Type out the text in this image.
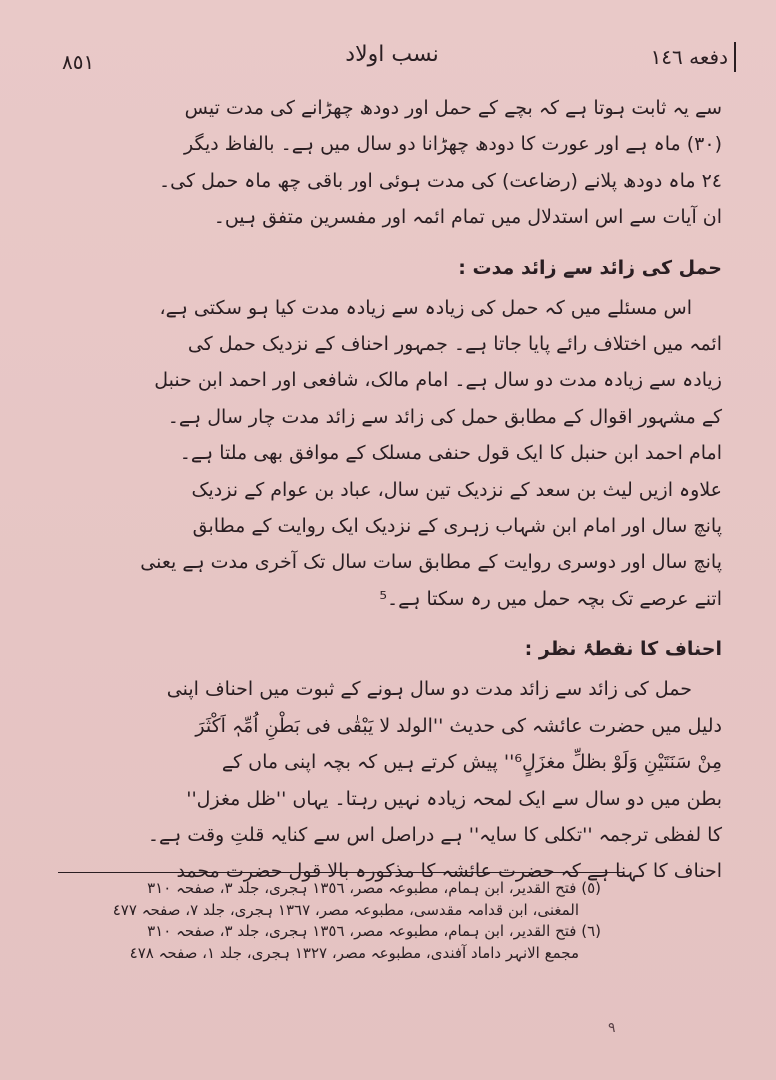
٨٥١	نسب اولاد	دفعه ١٤٦

سے یہ ثابت ہوتا ہے کہ بچے کے حمل اور دودھ چھڑانے کی مدت تیس

(٣٠) ماہ ہے اور عورت کا دودھ چھڑانا دو سال میں ہے۔ بالفاظ دیگر

٢٤ ماہ دودھ پلانے (رضاعت) کی مدت ہوئی اور باقی چھ ماہ حمل کی۔

ان آیات سے اس استدلال میں تمام ائمہ اور مفسرین متفق ہیں۔

حمل کی زائد سے زائد مدت :

اس مسئلے میں کہ حمل کی زیادہ سے زیادہ مدت کیا ہو سکتی ہے،

ائمہ میں اختلاف رائے پایا جاتا ہے۔ جمہور احناف کے نزدیک حمل کی

زیادہ سے زیادہ مدت دو سال ہے۔ امام مالک، شافعی اور احمد ابن حنبل

کے مشہور اقوال کے مطابق حمل کی زائد سے زائد مدت چار سال ہے۔

امام احمد ابن حنبل کا ایک قول حنفی مسلک کے موافق بھی ملتا ہے۔

علاوہ ازیں لیث بن سعد کے نزدیک تین سال، عباد بن عوام کے نزدیک

پانچ سال اور امام ابن شہاب زہری کے نزدیک ایک روایت کے مطابق

پانچ سال اور دوسری روایت کے مطابق سات سال تک آخری مدت ہے یعنی

اتنے عرصے تک بچہ حمل میں رہ سکتا ہے۔⁵

احناف کا نقطۂ نظر :

حمل کی زائد سے زائد مدت دو سال ہونے کے ثبوت میں احناف اپنی

دلیل میں حضرت عائشہ کی حدیث ''الولد لا یَبْقٰی فی بَطْنِ اُمِّہٖ اَکْثَرَ

مِنْ سَنَتَیْنِ وَلَوْ بظلِّ مغزَلٍ⁶'' پیش کرتے ہیں کہ بچہ اپنی ماں کے

بطن میں دو سال سے ایک لمحہ زیادہ نہیں رہتا۔ یہاں ''ظل مغزل''

کا لفظی ترجمہ ''تکلی کا سایہ'' ہے دراصل اس سے کنایہ قلتِ وقت ہے۔

احناف کا کہنا ہے کہ حضرت عائشہ کا مذکورہ بالا قول حضرت محمد

(٥) فتح القدیر، ابن ہمام، مطبوعہ مصر، ١٣٥٦ ہجری، جلد ٣، صفحہ ٣١٠

المغنی، ابن قدامہ مقدسی، مطبوعہ مصر، ١٣٦٧ ہجری، جلد ٧، صفحہ ٤٧٧

(٦) فتح القدیر، ابن ہمام، مطبوعہ مصر، ١٣٥٦ ہجری، جلد ٣، صفحہ ٣١٠

مجمع الانہر داماد آفندی، مطبوعہ مصر، ١٣٢٧ ہجری، جلد ١، صفحہ ٤٧٨

۹
